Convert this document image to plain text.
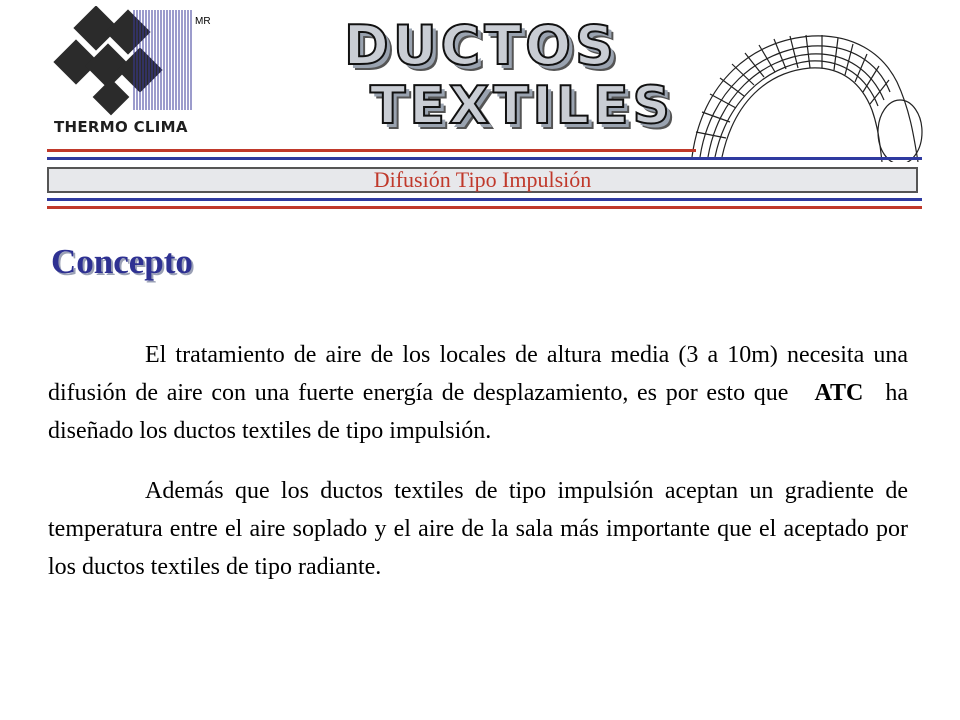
MR
THERMO CLIMA
DUCTOS
TEXTILES
Difusión Tipo Impulsión
Concepto

El tratamiento de aire de los locales de altura media (3 a 10m) necesita una difusión de aire con una fuerte energía de desplazamiento, es por esto que ATC ha diseñado los ductos textiles de tipo impulsión.

Además que los ductos textiles de tipo impulsión aceptan un gradiente de temperatura entre el aire soplado y el aire de la sala más importante que el aceptado por los ductos textiles de tipo radiante.
